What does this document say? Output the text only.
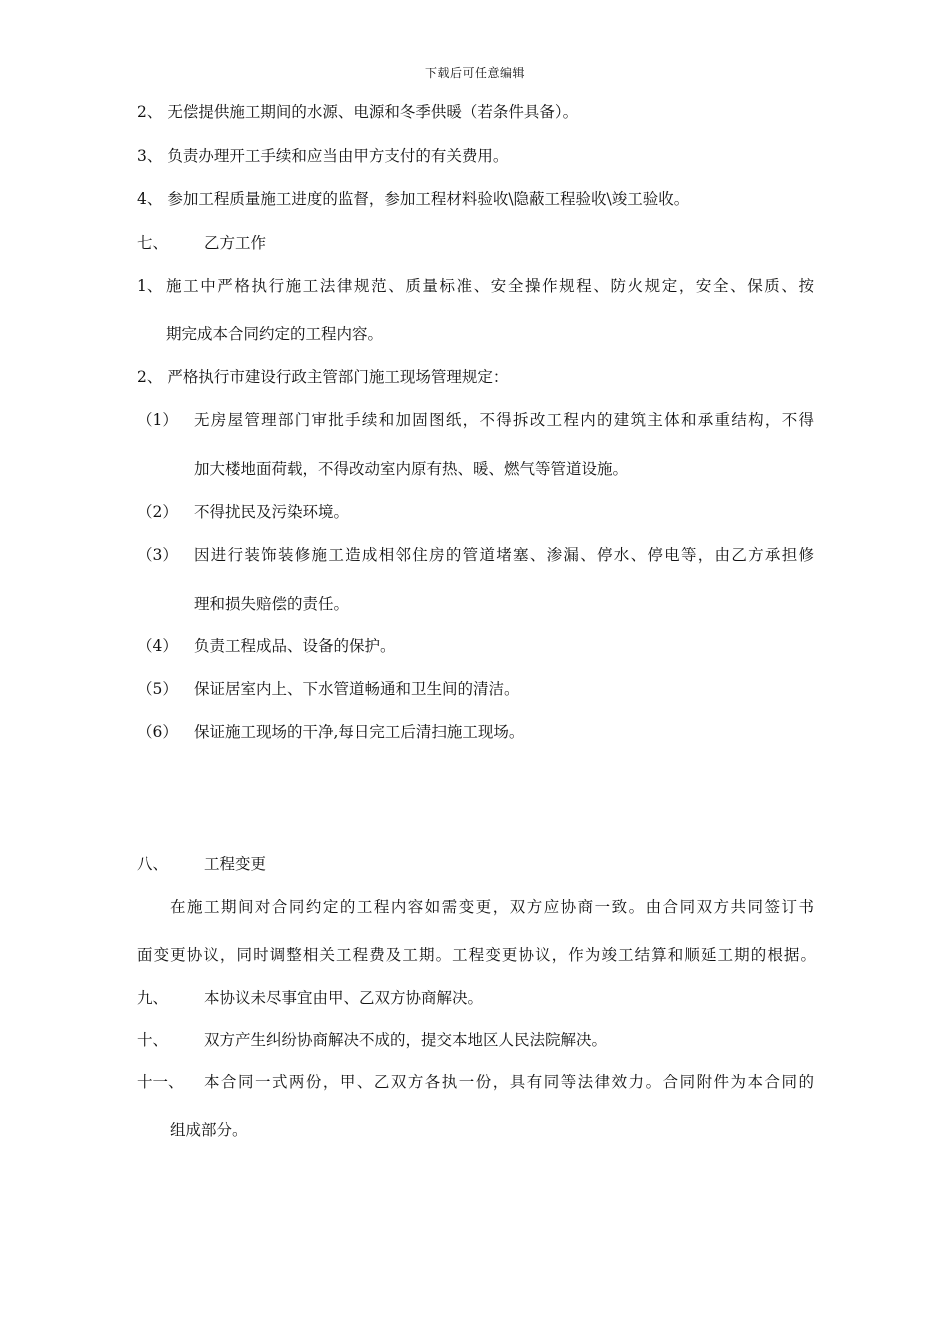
下载后可任意编辑
2、 无偿提供施工期间的水源、电源和冬季供暖（若条件具备）。
3、 负责办理开工手续和应当由甲方支付的有关费用。
4、 参加工程质量施工进度的监督，参加工程材料验收\隐蔽工程验收\竣工验收。
七、 乙方工作
1、 施工中严格执行施工法律规范、质量标准、安全操作规程、防火规定，安全、保质、按
期完成本合同约定的工程内容。
2、 严格执行市建设行政主管部门施工现场管理规定：
（1） 无房屋管理部门审批手续和加固图纸，不得拆改工程内的建筑主体和承重结构，不得
加大楼地面荷载，不得改动室内原有热、暖、燃气等管道设施。
（2） 不得扰民及污染环境。
（3） 因进行装饰装修施工造成相邻住房的管道堵塞、渗漏、停水、停电等，由乙方承担修
理和损失赔偿的责任。
（4） 负责工程成品、设备的保护。
（5） 保证居室内上、下水管道畅通和卫生间的清洁。
（6） 保证施工现场的干净,每日完工后清扫施工现场。
八、 工程变更
在施工期间对合同约定的工程内容如需变更，双方应协商一致。由合同双方共同签订书
面变更协议，同时调整相关工程费及工期。工程变更协议，作为竣工结算和顺延工期的根据。
九、 本协议未尽事宜由甲、乙双方协商解决。
十、 双方产生纠纷协商解决不成的，提交本地区人民法院解决。
十一、 本合同一式两份，甲、乙双方各执一份，具有同等法律效力。合同附件为本合同的
组成部分。
